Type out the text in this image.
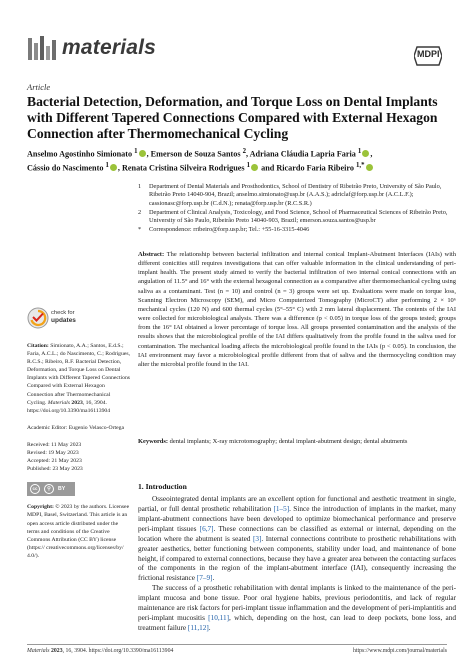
materials	MDPI
Article
Bacterial Detection, Deformation, and Torque Loss on Dental Implants with Different Tapered Connections Compared with External Hexagon Connection after Thermomechanical Cycling
Anselmo Agostinho Simionato $^1$ , Emerson de Souza Santos $^2$, Adriana Cláudia Lapria Faria $^1$ ,
Cássio do Nascimento $^1$ , Renata Cristina Silveira Rodrigues $^1$ and Ricardo Faria Ribeiro $^{1,*}$
1 Department of Dental Materials and Prosthodontics, School of Dentistry of Ribeirão Preto, University of São Paulo, Ribeirão Preto 14040-904, Brazil; anselmo.simionato@usp.br (A.A.S.); adriclaf@forp.usp.br (A.C.L.F.); cassionasc@forp.usp.br (C.d.N.); renata@forp.usp.br (R.C.S.R.)
2 Department of Clinical Analysis, Toxicology, and Food Science, School of Pharmaceutical Sciences of Ribeirão Preto, University of São Paulo, Ribeirão Preto 14040-903, Brazil; emerson.souza.santos@usp.br
* Correspondence: rribeiro@forp.usp.br; Tel.: +55-16-3315-4046
Abstract: The relationship between bacterial infiltration and internal conical Implant-Abutment Interfaces (IAIs) with different conicities still requires investigations that can offer valuable information in the clinical understanding of peri-implant health. The present study aimed to verify the bacterial infiltration of two internal conical connections with an angulation of 11.5° and 16° with the external hexagonal connection as a comparative after thermomechanical cycling using saliva as a contaminant. Test (n = 10) and control (n = 3) groups were set up. Evaluations were made on torque loss, Scanning Electron Microscopy (SEM), and Micro Computerized Tomography (MicroCT) after performing 2 × 10⁶ mechanical cycles (120 N) and 600 thermal cycles (5°–55° C) with 2 mm lateral displacement. The contents of the IAI were collected for microbiological analysis. There was a difference (p < 0.05) in torque loss of the groups tested; groups from the 16° IAI obtained a lower percentage of torque loss. All groups presented contamination and the analysis of the results shows that the microbiological profile of the IAI differs qualitatively from the profile found in the saliva used for contamination. The mechanical loading affects the microbiological profile found in the IAIs (p < 0.05). In conclusion, the IAI environment may favor a microbiological profile different from that of saliva and the thermocycling condition may alter the microbial profile found in the IAI.
Keywords: dental implants; X-ray microtomography; dental implant-abutment design; dental abutments
check for
updates
Citation: Simionato, A.A.; Santos, E.d.S.; Faria, A.C.L.; do Nascimento, C.; Rodrigues, R.C.S.; Ribeiro, R.F. Bacterial Detection, Deformation, and Torque Loss on Dental Implants with Different Tapered Connections Compared with External Hexagon Connection after Thermomechanical Cycling. Materials 2023, 16, 3904. https://doi.org/10.3390/ma16113904

Academic Editor: Eugenio Velasco-Ortega

Received: 11 May 2023

Revised: 19 May 2023

Accepted: 21 May 2023

Published: 23 May 2023

cc	⚲	BY
Copyright: © 2023 by the authors. Licensee MDPI, Basel, Switzerland. This article is an open access article distributed under the terms and conditions of the Creative Commons Attribution (CC BY) license (https:// creativecommons.org/licenses/by/ 4.0/).
1. Introduction

Osseointegrated dental implants are an excellent option for functional and aesthetic treatment in single, partial, or full dental prosthetic rehabilitation [1–5]. Since the introduction of implants in the market, many implant-abutment connections have been developed to optimize biomechanical performance and preserve peri-implant tissues [6,7]. These connections can be classified as external or internal, depending on the location where the abutment is seated [3]. Internal connections contribute to prosthetic rehabilitations with greater aesthetics, better functioning between components, stability under load, and maintenance of bone height, if compared to external connections, because they have a greater area between the contacting surfaces of the components in the region of the implant-abutment interface (IAI), consequently increasing the frictional resistance [7–9].

The success of a prosthetic rehabilitation with dental implants is linked to the maintenance of the peri-implant mucosa and bone tissue. Poor oral hygiene habits, previous periodontitis, and lack of regular maintenance are risk factors for peri-implant tissue inflammation and the development of peri-implantitis and peri-implant mucositis [10,11], which, depending on the host, can lead to deep pockets, bone loss, and treatment failure [11,12].

Materials 2023, 16, 3904. https://doi.org/10.3390/ma16113904	https://www.mdpi.com/journal/materials
